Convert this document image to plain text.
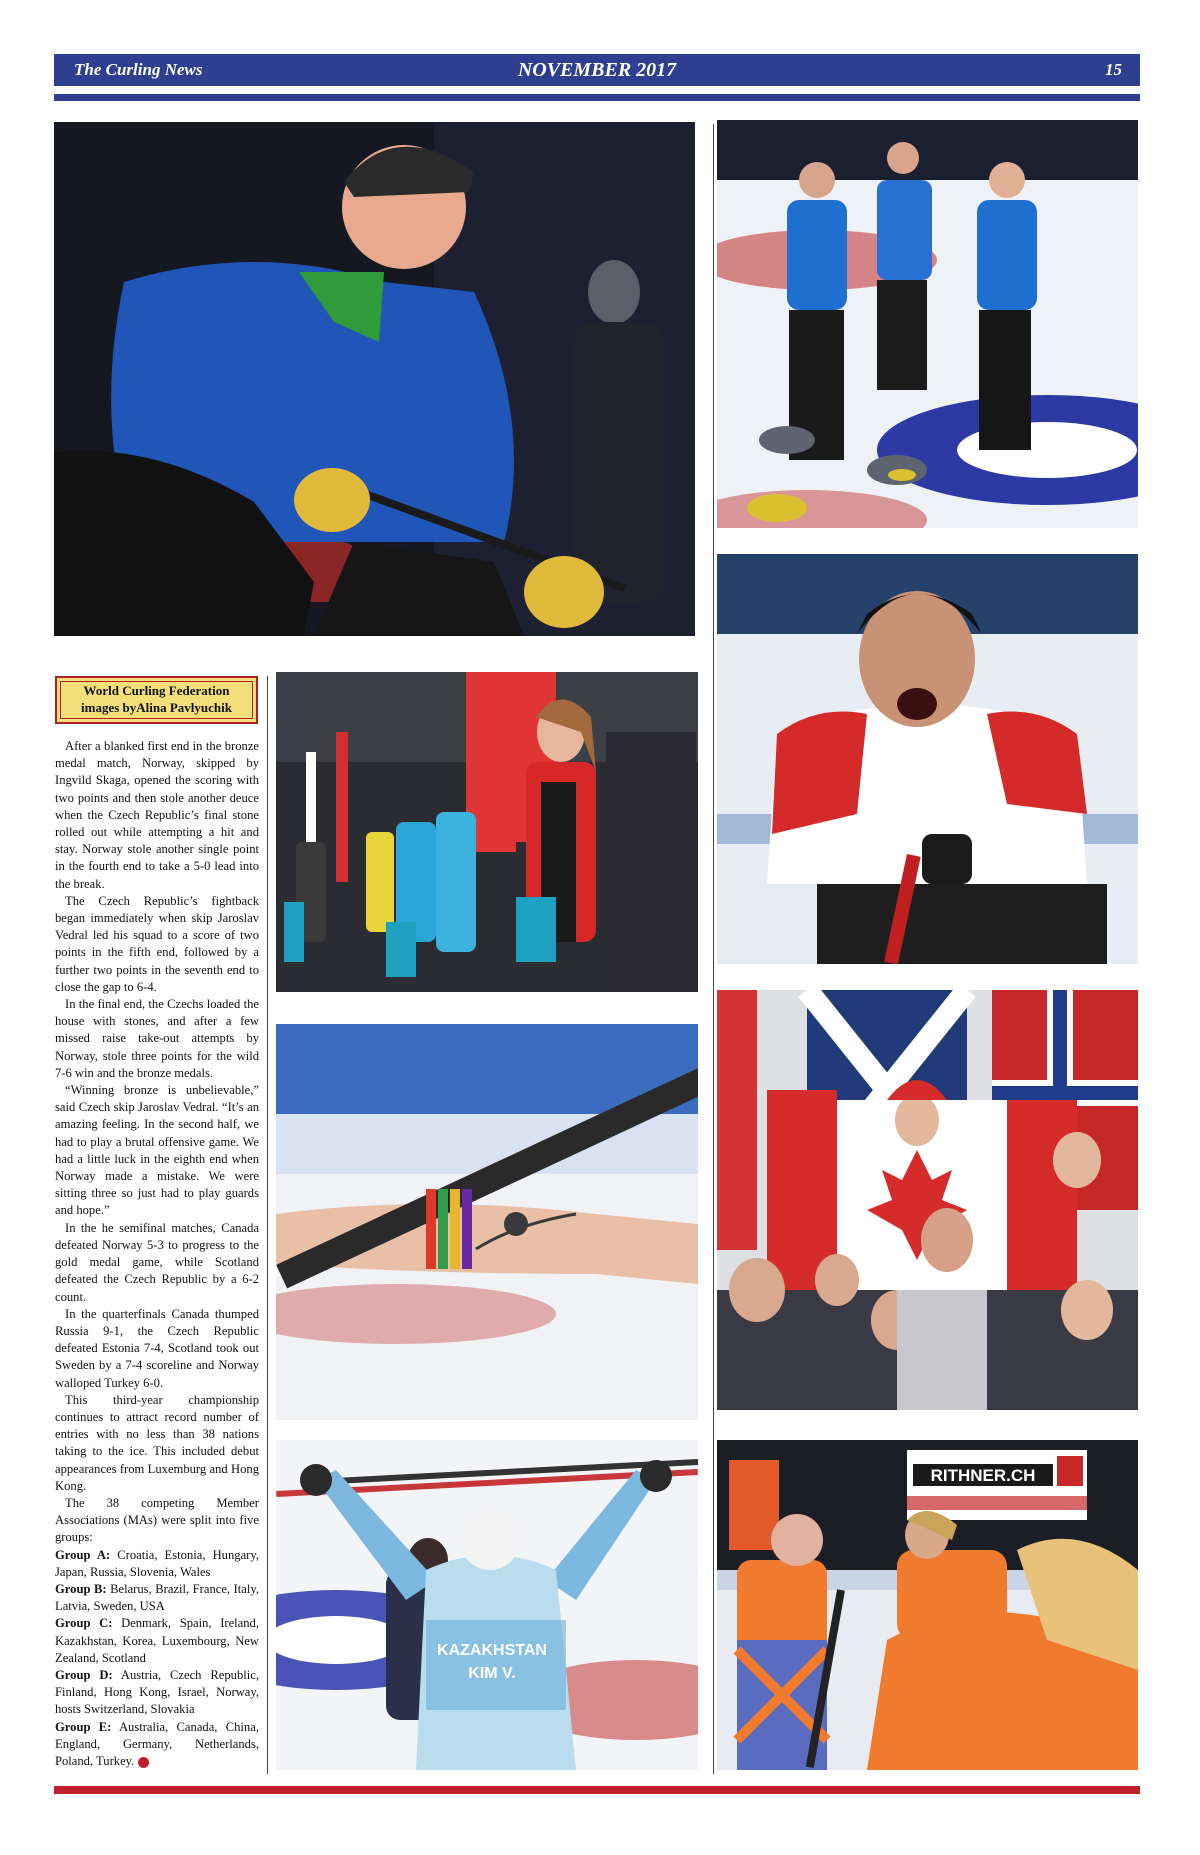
The Curling News	NOVEMBER 2017	15
KAZAKHSTAN
KIM V.
RITHNER.CH
World Curling Federation
images byAlina Pavlyuchik

After a blanked first end in the bronze medal match, Norway, skipped by Ingvild Skaga, opened the scoring with two points and then stole another deuce when the Czech Republic’s final stone rolled out while attempting a hit and stay. Norway stole another single point in the fourth end to take a 5-0 lead into the break.

The Czech Republic’s fightback began immediately when skip Jaroslav Vedral led his squad to a score of two points in the fifth end, followed by a further two points in the seventh end to close the gap to 6-4.

In the final end, the Czechs loaded the house with stones, and after a few missed raise take-out attempts by Norway, stole three points for the wild 7-6 win and the bronze medals.

“Winning bronze is unbelievable,” said Czech skip Jaroslav Vedral. “It’s an amazing feeling. In the second half, we had to play a brutal offensive game. We had a little luck in the eighth end when Norway made a mistake. We were sitting three so just had to play guards and hope.”

In the he semifinal matches, Canada defeated Norway 5-3 to progress to the gold medal game, while Scotland defeated the Czech Republic by a 6-2 count.

In the quarterfinals Canada thumped Russia 9-1, the Czech Republic defeated Estonia 7-4, Scotland took out Sweden by a 7-4 scoreline and Norway walloped Turkey 6-0.

This third-year championship continues to attract record number of entries with no less than 38 nations taking to the ice. This included debut appearances from Luxemburg and Hong Kong.

The 38 competing Member Associations (MAs) were split into five groups:

Group A: Croatia, Estonia, Hungary, Japan, Russia, Slovenia, Wales

Group B: Belarus, Brazil, France, Italy, Latvia, Sweden, USA

Group C: Denmark, Spain, Ireland, Kazakhstan, Korea, Luxembourg, New Zealand, Scotland

Group D: Austria, Czech Republic, Finland, Hong Kong, Israel, Norway, hosts Switzerland, Slovakia

Group E: Australia, Canada, China, England, Germany, Netherlands, Poland, Turkey.
